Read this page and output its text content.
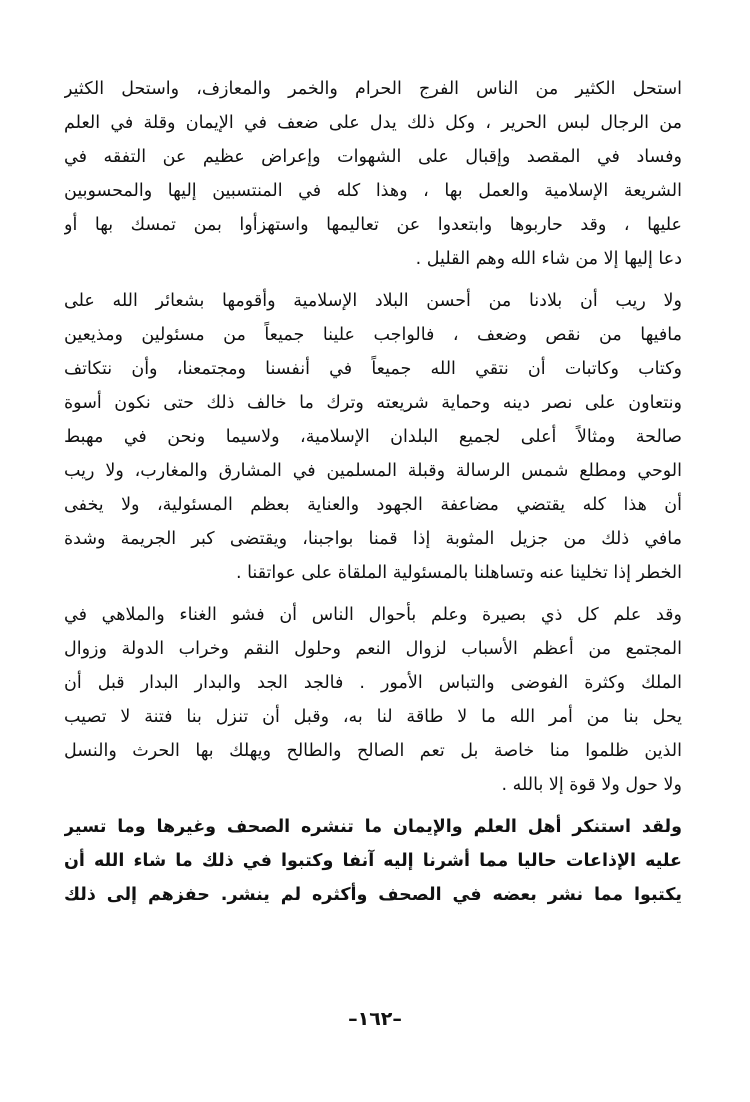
استحل الكثير من الناس الفرج الحرام والخمر والمعازف، واستحل الكثير
من الرجال لبس الحرير ، وكل ذلك يدل على ضعف في الإيمان وقلة في العلم
وفساد في المقصد وإقبال على الشهوات وإعراض عظيم عن التفقه في
الشريعة الإسلامية والعمل بها ، وهذا كله في المنتسبين إليها والمحسوبين
عليها ، وقد حاربوها وابتعدوا عن تعاليمها واستهزأوا بمن تمسك بها أو
دعا إليها إلا من شاء الله وهم القليل .
ولا ريب أن بلادنا من أحسن البلاد الإسلامية وأقومها بشعائر الله على
مافيها من نقص وضعف ، فالواجب علينا جميعاً من مسئولين ومذيعين
وكتاب وكاتبات أن نتقي الله جميعاً في أنفسنا ومجتمعنا، وأن نتكاتف
ونتعاون على نصر دينه وحماية شريعته وترك ما خالف ذلك حتى نكون أسوة
صالحة ومثالاً أعلى لجميع البلدان الإسلامية، ولاسيما ونحن في مهبط
الوحي ومطلع شمس الرسالة وقبلة المسلمين في المشارق والمغارب، ولا ريب
أن هذا كله يقتضي مضاعفة الجهود والعناية بعظم المسئولية، ولا يخفى
مافي ذلك من جزيل المثوبة إذا قمنا بواجبنا، ويقتضى كبر الجريمة وشدة
الخطر إذا تخلينا عنه وتساهلنا بالمسئولية الملقاة على عواتقنا .
وقد علم كل ذي بصيرة وعلم بأحوال الناس أن فشو الغناء والملاهي في
المجتمع من أعظم الأسباب لزوال النعم وحلول النقم وخراب الدولة وزوال
الملك وكثرة الفوضى والتباس الأمور . فالجد الجد والبدار البدار قبل أن
يحل بنا من أمر الله ما لا طاقة لنا به، وقبل أن تنزل بنا فتنة لا تصيب
الذين ظلموا منا خاصة بل تعم الصالح والطالح ويهلك بها الحرث والنسل
ولا حول ولا قوة إلا بالله .
ولقد استنكر أهل العلم والإيمان ما تنشره الصحف وغيرها وما تسير
عليه الإذاعات حاليا مما أشرنا إليه آنفا وكتبوا في ذلك ما شاء الله أن
يكتبوا مما نشر بعضه في الصحف وأكثره لم ينشر. حفزهم إلى ذلك
–١٦٢–
